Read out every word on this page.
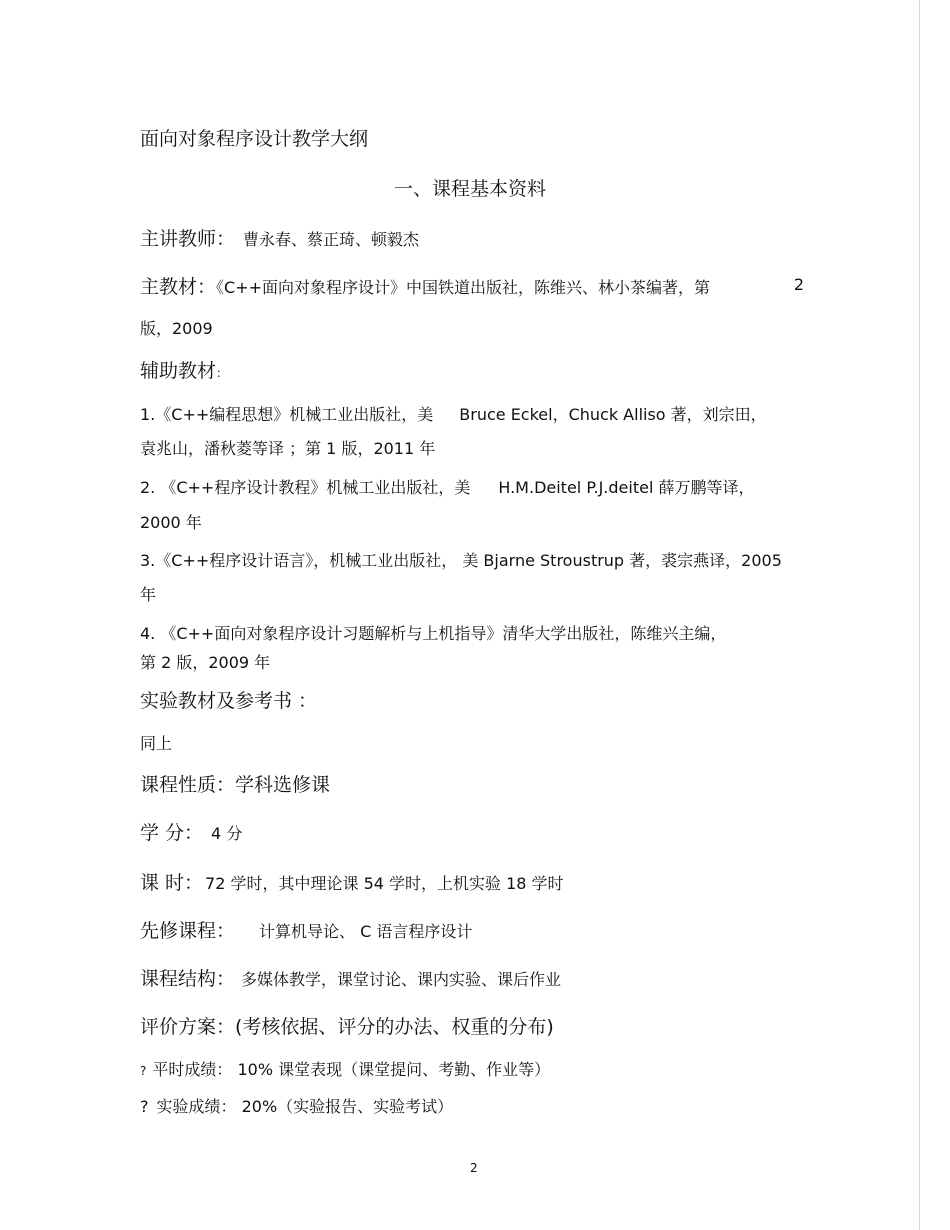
面向对象程序设计教学大纲
一、课程基本资料
主讲教师： 曹永春、蔡正琦、顿毅杰
主教材：《C++面向对象程序设计》中国铁道出版社，陈维兴、林小茶编著，第	2
版，2009
辅助教材：
1.《C++编程思想》机械工业出版社，美 Bruce Eckel，Chuck Alliso 著，刘宗田，
袁兆山，潘秋菱等译 ；第 1 版，2011 年
2. 《C++程序设计教程》机械工业出版社，美 H.M.Deitel P.J.deitel 薛万鹏等译，
2000 年
3.《C++程序设计语言》，机械工业出版社， 美 Bjarne Stroustrup 著，裘宗燕译，2005
年
4. 《C++面向对象程序设计习题解析与上机指导》清华大学出版社，陈维兴主编，
第 2 版，2009 年
实验教材及参考书 ：
同上
课程性质：学科选修课
学 分： 4 分
课 时： 72 学时，其中理论课 54 学时，上机实验 18 学时
先修课程： 计算机导论、 C 语言程序设计
课程结构： 多媒体教学，课堂讨论、课内实验、课后作业
评价方案：(考核依据、评分的办法、权重的分布)
? 平时成绩： 10% 课堂表现（课堂提问、考勤、作业等）
? 实验成绩： 20%（实验报告、实验考试）
2
